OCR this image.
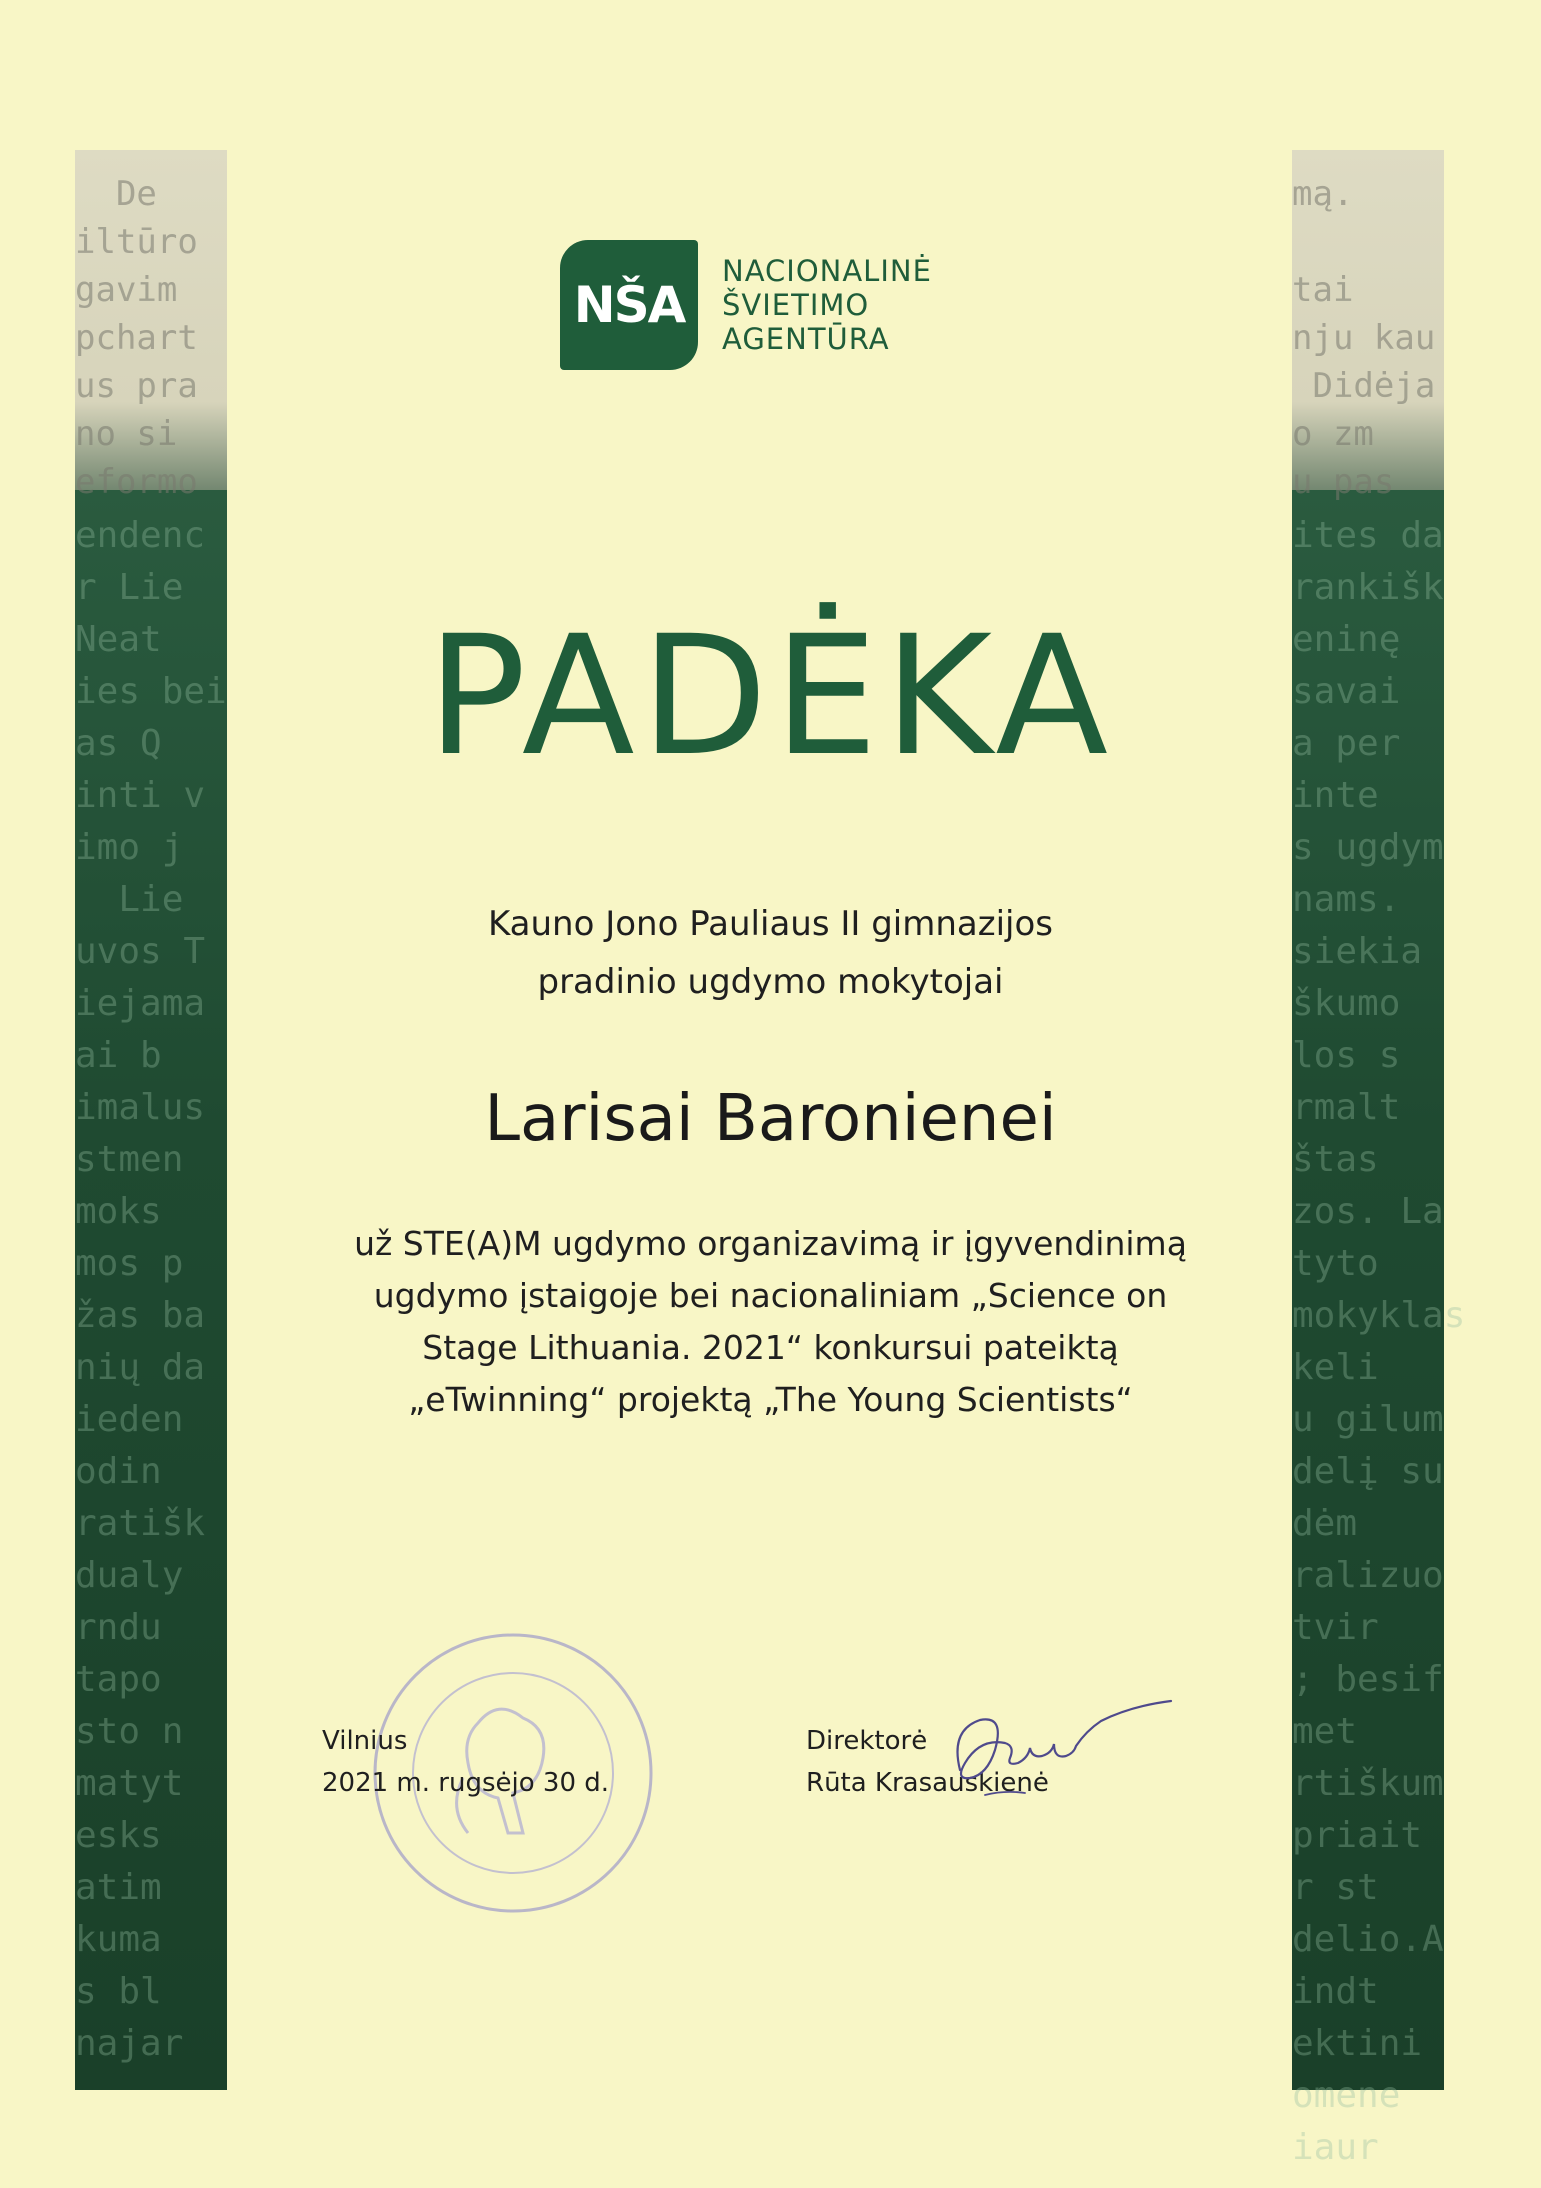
De
iltūro
gavim
pchart
us pra
no si
eformo
endenc
r Lie
Neat
ies bei
as Q
inti v
imo j
Lie
uvos T
iejama
ai b
imalus
stmen
moks
mos p
žas ba
nių da
ieden
odin
ratišk
dualy
rndu
tapo
sto n
matyt
esks
atim
kuma
s bl
najar
mą.

tai
nju kau
Didėja
o zm
u pas
ites da
rankišk
eninę
savai
a per
inte
s ugdym
nams.
siekia
škumo
los s
rmalt
štas
zos. La
tyto
mokyklas
keli
u gilum
delį su
dėm
ralizuo
tvir
; besif
met
rtiškum
priait
r st
delio.A
indt
ektini
omene
iaur
NŠA
NACIONALINĖ
ŠVIETIMO
AGENTŪRA
PADĖKA
Kauno Jono Pauliaus II gimnazijos
pradinio ugdymo mokytojai
Larisai Baronienei
už STE(A)M ugdymo organizavimą ir įgyvendinimą
ugdymo įstaigoje bei nacionaliniam „Science on
Stage Lithuania. 2021“ konkursui pateiktą
„eTwinning“ projektą „The Young Scientists“
Vilnius
2021 m. rugsėjo 30 d.
Direktorė
Rūta Krasauskienė
